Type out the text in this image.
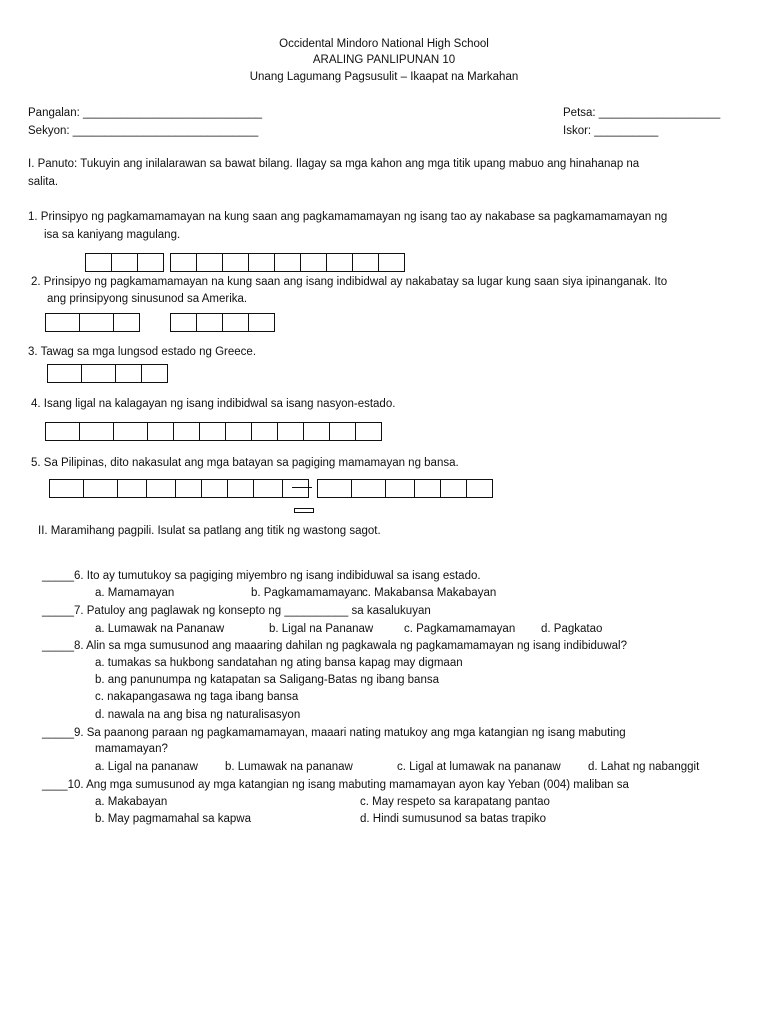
Occidental Mindoro National High School
ARALING PANLIPUNAN 10
Unang Lagumang Pagsusulit – Ikaapat na Markahan
Pangalan: ____________________________
Sekyon: _____________________________
Petsa: ___________________
Iskor: __________
I. Panuto: Tukuyin ang inilalarawan sa bawat bilang. Ilagay sa mga kahon ang mga titik upang mabuo ang hinahanap na
salita.
1. Prinsipyo ng pagkamamamayan na kung saan ang pagkamamamayan ng isang tao ay nakabase sa pagkamamamayan ng
isa sa kaniyang magulang.
2. Prinsipyo ng pagkamamamayan na kung saan ang isang indibidwal ay nakabatay sa lugar kung saan siya ipinanganak. Ito
ang prinsipyong sinusunod sa Amerika.
3. Tawag sa mga lungsod estado ng Greece.
4. Isang ligal na kalagayan ng isang indibidwal sa isang nasyon-estado.
5. Sa Pilipinas, dito nakasulat ang mga batayan sa pagiging mamamayan ng bansa.
II. Maramihang pagpili. Isulat sa patlang ang titik ng wastong sagot.
_____6. Ito ay tumutukoy sa pagiging miyembro ng isang indibiduwal sa isang estado.
a. Mamamayan	b. Pagkamamamayan c. Makabansa Makabayan
_____7. Patuloy ang paglawak ng konsepto ng __________ sa kasalukuyan
a. Lumawak na Pananaw	b. Ligal na Pananaw	c. Pagkamamamayan d. Pagkatao
_____8. Alin sa mga sumusunod ang maaaring dahilan ng pagkawala ng pagkamamamayan ng isang indibiduwal?
a. tumakas sa hukbong sandatahan ng ating bansa kapag may digmaan
b. ang panunumpa ng katapatan sa Saligang-Batas ng ibang bansa
c. nakapangasawa ng taga ibang bansa
d. nawala na ang bisa ng naturalisasyon
_____9. Sa paanong paraan ng pagkamamamayan, maaari nating matukoy ang mga katangian ng isang mabuting
mamamayan?
a. Ligal na pananaw b. Lumawak na pananaw	c. Ligal at lumawak na pananaw d. Lahat ng nabanggit
____10. Ang mga sumusunod ay mga katangian ng isang mabuting mamamayan ayon kay Yeban (004) maliban sa
a. Makabayan	c. May respeto sa karapatang pantao
b. May pagmamahal sa kapwa	d. Hindi sumusunod sa batas trapiko
